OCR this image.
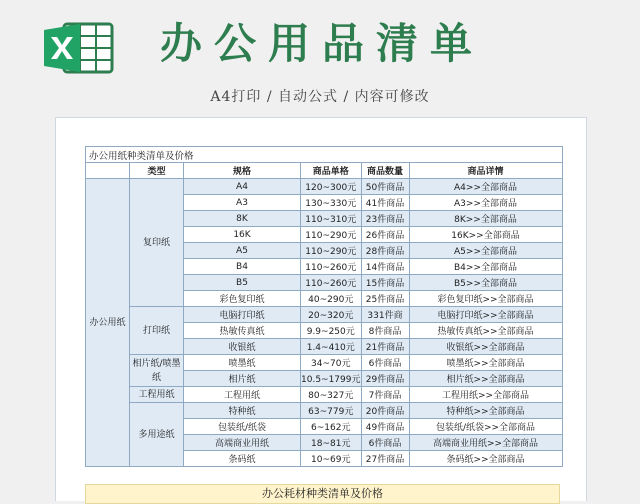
办公用品清单
A4打印 / 自动公式 / 内容可修改
办公用纸种类清单及价格					
	类型	规格	商品单格	商品数量	商品详情
办公用纸	复印纸	A4	120~300元	50件商品	A4>>全部商品
		A3	130~330元	41件商品	A3>>全部商品
		8K	110~310元	23件商品	8K>>全部商品
		16K	110~290元	26件商品	16K>>全部商品
		A5	110~290元	28件商品	A5>>全部商品
		B4	110~260元	14件商品	B4>>全部商品
		B5	110~260元	15件商品	B5>>全部商品
		彩色复印纸	40~290元	25件商品	彩色复印纸>>全部商品
	打印纸	电脑打印纸	20~320元	331件商	电脑打印纸>>全部商品
		热敏传真纸	9.9~250元	8件商品	热敏传真纸>>全部商品
		收银纸	1.4~410元	21件商品	收银纸>>全部商品
	相片纸/喷墨纸	喷墨纸	34~70元	6件商品	喷墨纸>>全部商品
		相片纸	10.5~1799元	29件商品	相片纸>>全部商品
	工程用纸	工程用纸	80~327元	7件商品	工程用纸>>全部商品
	多用途纸	特种纸	63~779元	20件商品	特种纸>>全部商品
		包装纸/纸袋	6~162元	49件商品	包装纸/纸袋>>全部商品
		高端商业用纸	18~81元	6件商品	高端商业用纸>>全部商品
		条码纸	10~69元	27件商品	条码纸>>全部商品
办公耗材种类清单及价格
